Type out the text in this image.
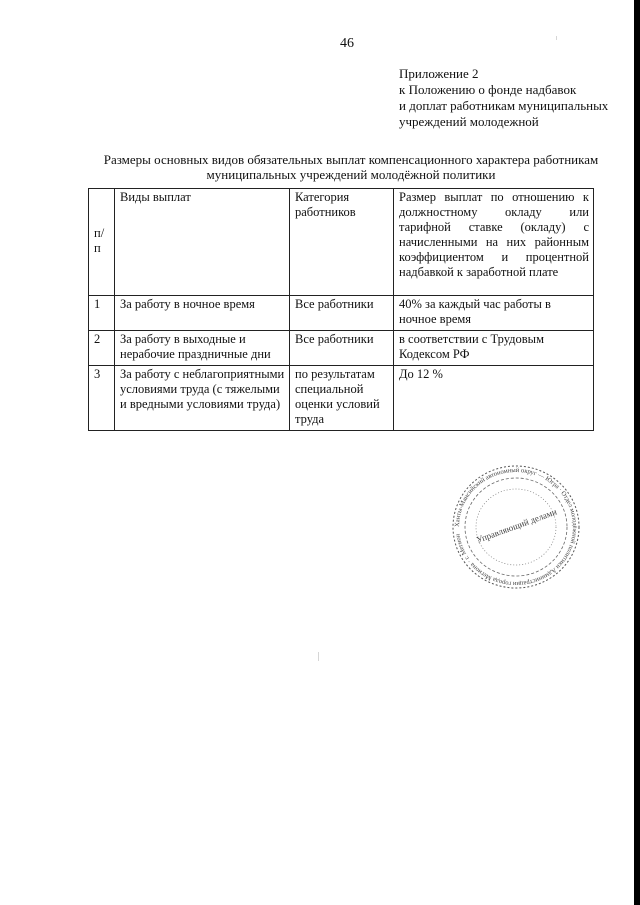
46
Приложение 2
к Положению о фонде надбавок
и доплат работникам муниципальных
учреждений молодежной
Размеры основных видов обязательных выплат компенсационного характера работникам
муниципальных учреждений молодёжной политики
п/п	Виды выплат	Категория работников	Размер выплат по отношению к должностному окладу или тарифной ставке (окладу) с начисленными на них районным коэффициентом и процентной надбавкой к заработной плате
1	За работу в ночное время	Все работники	40% за каждый час работы в ночное время
2	За работу в выходные и нерабочие праздничные дни	Все работники	в соответствии с Трудовым Кодексом РФ
3	За работу с неблагоприятными условиями труда (с тяжелыми и вредными условиями труда)	по результатам специальной оценки условий труда	До 12 %
Ханты-Мансийский автономный округ — Югра · Отдел молодёжной политики Администрации города Мегиона · г. Мегион	Управляющий делами
